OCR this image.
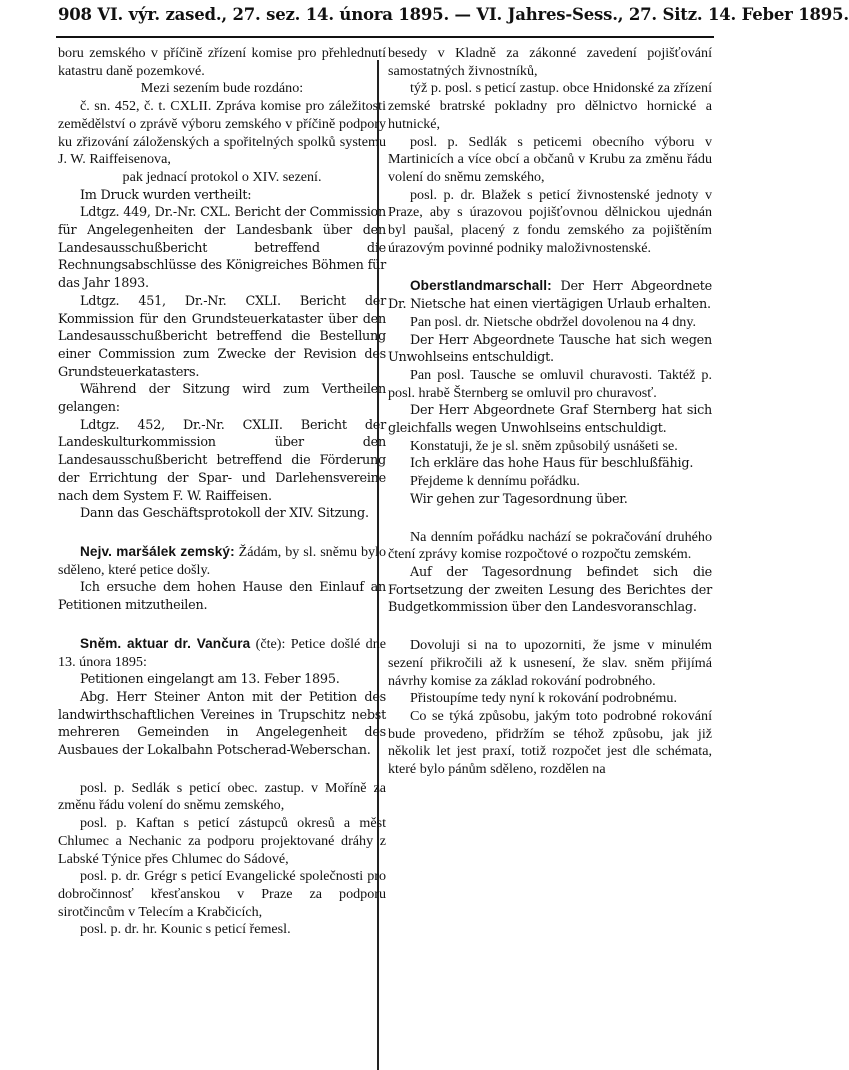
908 VI. výr. zased., 27. sez. 14. února 1895. — VI. Jahres-Sess., 27. Sitz. 14. Feber 1895.

boru zemského v příčině zřízení komise pro přehlednutí katastru daně pozemkové.

Mezi sezením bude rozdáno:

č. sn. 452, č. t. CXLII. Zpráva komise pro záležitosti zemědělství o zprávě výboru zemského v příčině podpory ku zřizování záloženských a spořitelných spolků systemu J. W. Raiffeisenova,

pak jednací protokol o XIV. sezení.

Im Druck wurden vertheilt:

Ldtgz. 449, Dr.-Nr. CXL. Bericht der Commission für Angelegenheiten der Landesbank über den Landesausschußbericht betreffend die Rechnungsabschlüsse des Königreiches Böhmen für das Jahr 1893.

Ldtgz. 451, Dr.-Nr. CXLI. Bericht der Kommission für den Grundsteuerkataster über den Landesausschußbericht betreffend die Bestellung einer Commission zum Zwecke der Revision des Grundsteuerkatasters.

Während der Sitzung wird zum Vertheilen gelangen:

Ldtgz. 452, Dr.-Nr. CXLII. Bericht der Landeskulturkommission über den Landesausschußbericht betreffend die Förderung der Errichtung der Spar- und Darlehensvereine nach dem System F. W. Raiffeisen.

Dann das Geschäftsprotokoll der XIV. Sitzung.

Nejv. maršálek zemský: Žádám, by sl. sněmu bylo sděleno, které petice došly.

Ich ersuche dem hohen Hause den Einlauf an Petitionen mitzutheilen.

Sněm. aktuar dr. Vančura (čte): Petice došlé dne 13. února 1895:

Petitionen eingelangt am 13. Feber 1895.

Abg. Herr Steiner Anton mit der Petition des landwirthschaftlichen Vereines in Trupschitz nebst mehreren Gemeinden in Angelegenheit des Ausbaues der Lokalbahn Potscherad-Weberschan.

posl. p. Sedlák s peticí obec. zastup. v Moříně za změnu řádu volení do sněmu zemského,

posl. p. Kaftan s peticí zástupců okresů a měst Chlumec a Nechanic za podporu projektované dráhy z Labské Týnice přes Chlumec do Sádové,

posl. p. dr. Grégr s peticí Evangelické společnosti pro dobročinnosť křesťanskou v Praze za podporu sirotčincům v Telecím a Krabčicích,

posl. p. dr. hr. Kounic s peticí řemesl.

besedy v Kladně za zákonné zavedení pojišťování samostatných živnostníků,

týž p. posl. s peticí zastup. obce Hnidonské za zřízení zemské bratrské pokladny pro dělnictvo hornické a hutnické,

posl. p. Sedlák s peticemi obecního výboru v Martinicích a více obcí a občanů v Krubu za změnu řádu volení do sněmu zemského,

posl. p. dr. Blažek s peticí živnostenské jednoty v Praze, aby s úrazovou pojišťovnou dělnickou ujednán byl paušal, placený z fondu zemského za pojištěním úrazovým povinné podniky maloživnostenské.

Oberstlandmarschall: Der Herr Abgeordnete Dr. Nietsche hat einen viertägigen Urlaub erhalten.

Pan posl. dr. Nietsche obdržel dovolenou na 4 dny.

Der Herr Abgeordnete Tausche hat sich wegen Unwohlseins entschuldigt.

Pan posl. Tausche se omluvil churavosti. Taktéž p. posl. hrabě Šternberg se omluvil pro churavosť.

Der Herr Abgeordnete Graf Sternberg hat sich gleichfalls wegen Unwohlseins entschuldigt.

Konstatuji, že je sl. sněm způsobilý usnášeti se.

Ich erkläre das hohe Haus für beschlußfähig.

Přejdeme k dennímu pořádku.

Wir gehen zur Tagesordnung über.

Na denním pořádku nachází se pokračování druhého čtení zprávy komise rozpočtové o rozpočtu zemském.

Auf der Tagesordnung befindet sich die Fortsetzung der zweiten Lesung des Berichtes der Budgetkommission über den Landesvoranschlag.

Dovoluji si na to upozorniti, že jsme v minulém sezení přikročili až k usnesení, že slav. sněm přijímá návrhy komise za základ rokování podrobného.

Přistoupíme tedy nyní k rokování podrobnému.

Co se týká způsobu, jakým toto podrobné rokování bude provedeno, přidržím se téhož způsobu, jak již několik let jest praxí, totiž rozpočet jest dle schémata, které bylo pánům sděleno, rozdělen na
